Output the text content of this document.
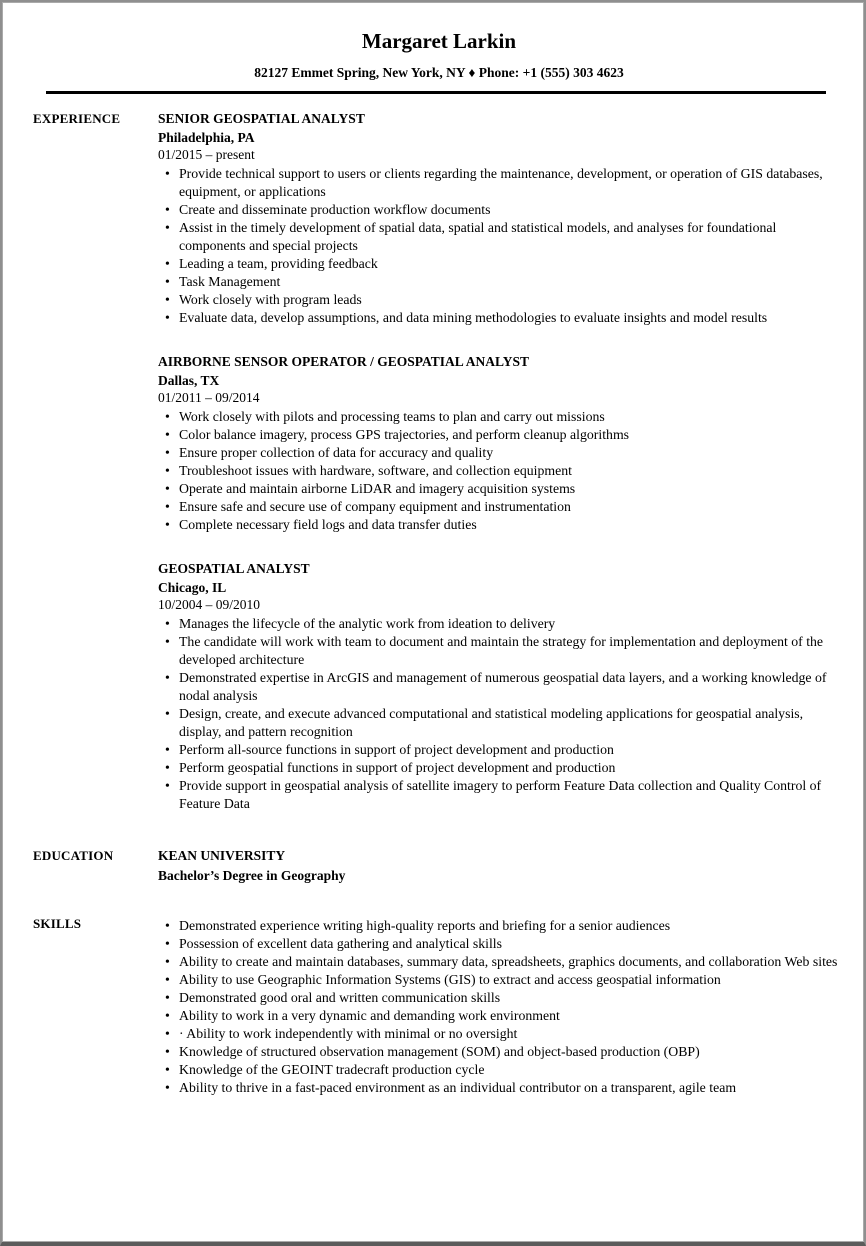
Margaret Larkin
82127 Emmet Spring, New York, NY ♦ Phone: +1 (555) 303 4623
EXPERIENCE	SENIOR GEOSPATIAL ANALYST
Philadelphia, PA
01/2015 – present
• Provide technical support to users or clients regarding the maintenance, development, or operation of GIS databases, equipment, or applications
• Create and disseminate production workflow documents
• Assist in the timely development of spatial data, spatial and statistical models, and analyses for foundational components and special projects
• Leading a team, providing feedback
• Task Management
• Work closely with program leads
• Evaluate data, develop assumptions, and data mining methodologies to evaluate insights and model results
AIRBORNE SENSOR OPERATOR / GEOSPATIAL ANALYST
Dallas, TX
01/2011 – 09/2014
• Work closely with pilots and processing teams to plan and carry out missions
• Color balance imagery, process GPS trajectories, and perform cleanup algorithms
• Ensure proper collection of data for accuracy and quality
• Troubleshoot issues with hardware, software, and collection equipment
• Operate and maintain airborne LiDAR and imagery acquisition systems
• Ensure safe and secure use of company equipment and instrumentation
• Complete necessary field logs and data transfer duties
GEOSPATIAL ANALYST
Chicago, IL
10/2004 – 09/2010
• Manages the lifecycle of the analytic work from ideation to delivery
• The candidate will work with team to document and maintain the strategy for implementation and deployment of the developed architecture
• Demonstrated expertise in ArcGIS and management of numerous geospatial data layers, and a working knowledge of nodal analysis
• Design, create, and execute advanced computational and statistical modeling applications for geospatial analysis, display, and pattern recognition
• Perform all-source functions in support of project development and production
• Perform geospatial functions in support of project development and production
• Provide support in geospatial analysis of satellite imagery to perform Feature Data collection and Quality Control of Feature Data
EDUCATION	KEAN UNIVERSITY
Bachelor’s Degree in Geography
SKILLS	• Demonstrated experience writing high-quality reports and briefing for a senior audiences
• Possession of excellent data gathering and analytical skills
• Ability to create and maintain databases, summary data, spreadsheets, graphics documents, and collaboration Web sites
• Ability to use Geographic Information Systems (GIS) to extract and access geospatial information
• Demonstrated good oral and written communication skills
• Ability to work in a very dynamic and demanding work environment
• · Ability to work independently with minimal or no oversight
• Knowledge of structured observation management (SOM) and object-based production (OBP)
• Knowledge of the GEOINT tradecraft production cycle
• Ability to thrive in a fast-paced environment as an individual contributor on a transparent, agile team
